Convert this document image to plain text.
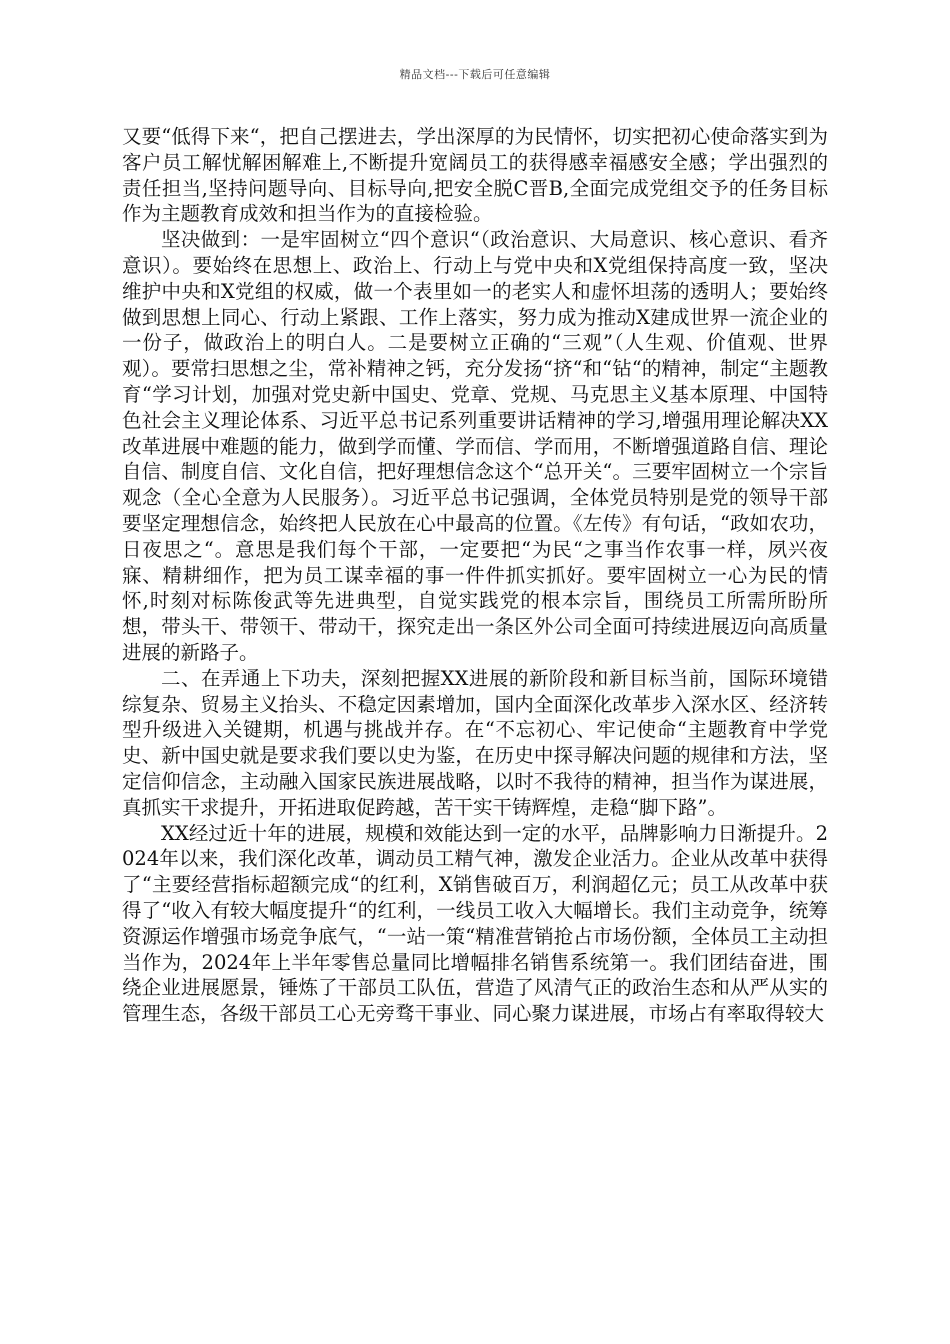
精品文档---下载后可任意编辑

又要“低得下来“，把自己摆进去，学出深厚的为民情怀，切实把初心使命落实到为客户员工解忧解困解难上,不断提升宽阔员工的获得感幸福感安全感；学出强烈的责任担当,坚持问题导向、目标导向,把安全脱C晋B,全面完成党组交予的任务目标作为主题教育成效和担当作为的直接检验。

坚决做到：一是牢固树立“四个意识“（政治意识、大局意识、核心意识、看齐意识）。要始终在思想上、政治上、行动上与党中央和X党组保持高度一致，坚决维护中央和X党组的权威，做一个表里如一的老实人和虚怀坦荡的透明人；要始终做到思想上同心、行动上紧跟、工作上落实，努力成为推动X建成世界一流企业的一份子，做政治上的明白人。二是要树立正确的“三观”（人生观、价值观、世界观）。要常扫思想之尘，常补精神之钙，充分发扬“挤“和“钻“的精神，制定“主题教育“学习计划，加强对党史新中国史、党章、党规、马克思主义基本原理、中国特色社会主义理论体系、习近平总书记系列重要讲话精神的学习,增强用理论解决XX改革进展中难题的能力，做到学而懂、学而信、学而用，不断增强道路自信、理论自信、制度自信、文化自信，把好理想信念这个“总开关“。三要牢固树立一个宗旨观念（全心全意为人民服务）。习近平总书记强调，全体党员特别是党的领导干部要坚定理想信念，始终把人民放在心中最高的位置。《左传》有句话，“政如农功，日夜思之“。意思是我们每个干部，一定要把“为民“之事当作农事一样，夙兴夜寐、精耕细作，把为员工谋幸福的事一件件抓实抓好。要牢固树立一心为民的情怀,时刻对标陈俊武等先进典型，自觉实践党的根本宗旨，围绕员工所需所盼所想，带头干、带领干、带动干，探究走出一条区外公司全面可持续进展迈向高质量进展的新路子。

二、在弄通上下功夫，深刻把握XX进展的新阶段和新目标当前，国际环境错综复杂、贸易主义抬头、不稳定因素增加，国内全面深化改革步入深水区、经济转型升级进入关键期，机遇与挑战并存。在“不忘初心、牢记使命“主题教育中学党史、新中国史就是要求我们要以史为鉴，在历史中探寻解决问题的规律和方法，坚定信仰信念，主动融入国家民族进展战略，以时不我待的精神，担当作为谋进展，真抓实干求提升，开拓进取促跨越，苦干实干铸辉煌，走稳“脚下路”。

XX经过近十年的进展，规模和效能达到一定的水平，品牌影响力日渐提升。2024年以来，我们深化改革，调动员工精气神，激发企业活力。企业从改革中获得了“主要经营指标超额完成“的红利，X销售破百万，利润超亿元；员工从改革中获得了“收入有较大幅度提升“的红利，一线员工收入大幅增长。我们主动竞争，统筹资源运作增强市场竞争底气，“一站一策“精准营销抢占市场份额，全体员工主动担当作为，2024年上半年零售总量同比增幅排名销售系统第一。我们团结奋进，围绕企业进展愿景，锤炼了干部员工队伍，营造了风清气正的政治生态和从严从实的管理生态，各级干部员工心无旁骛干事业、同心聚力谋进展，市场占有率取得较大
